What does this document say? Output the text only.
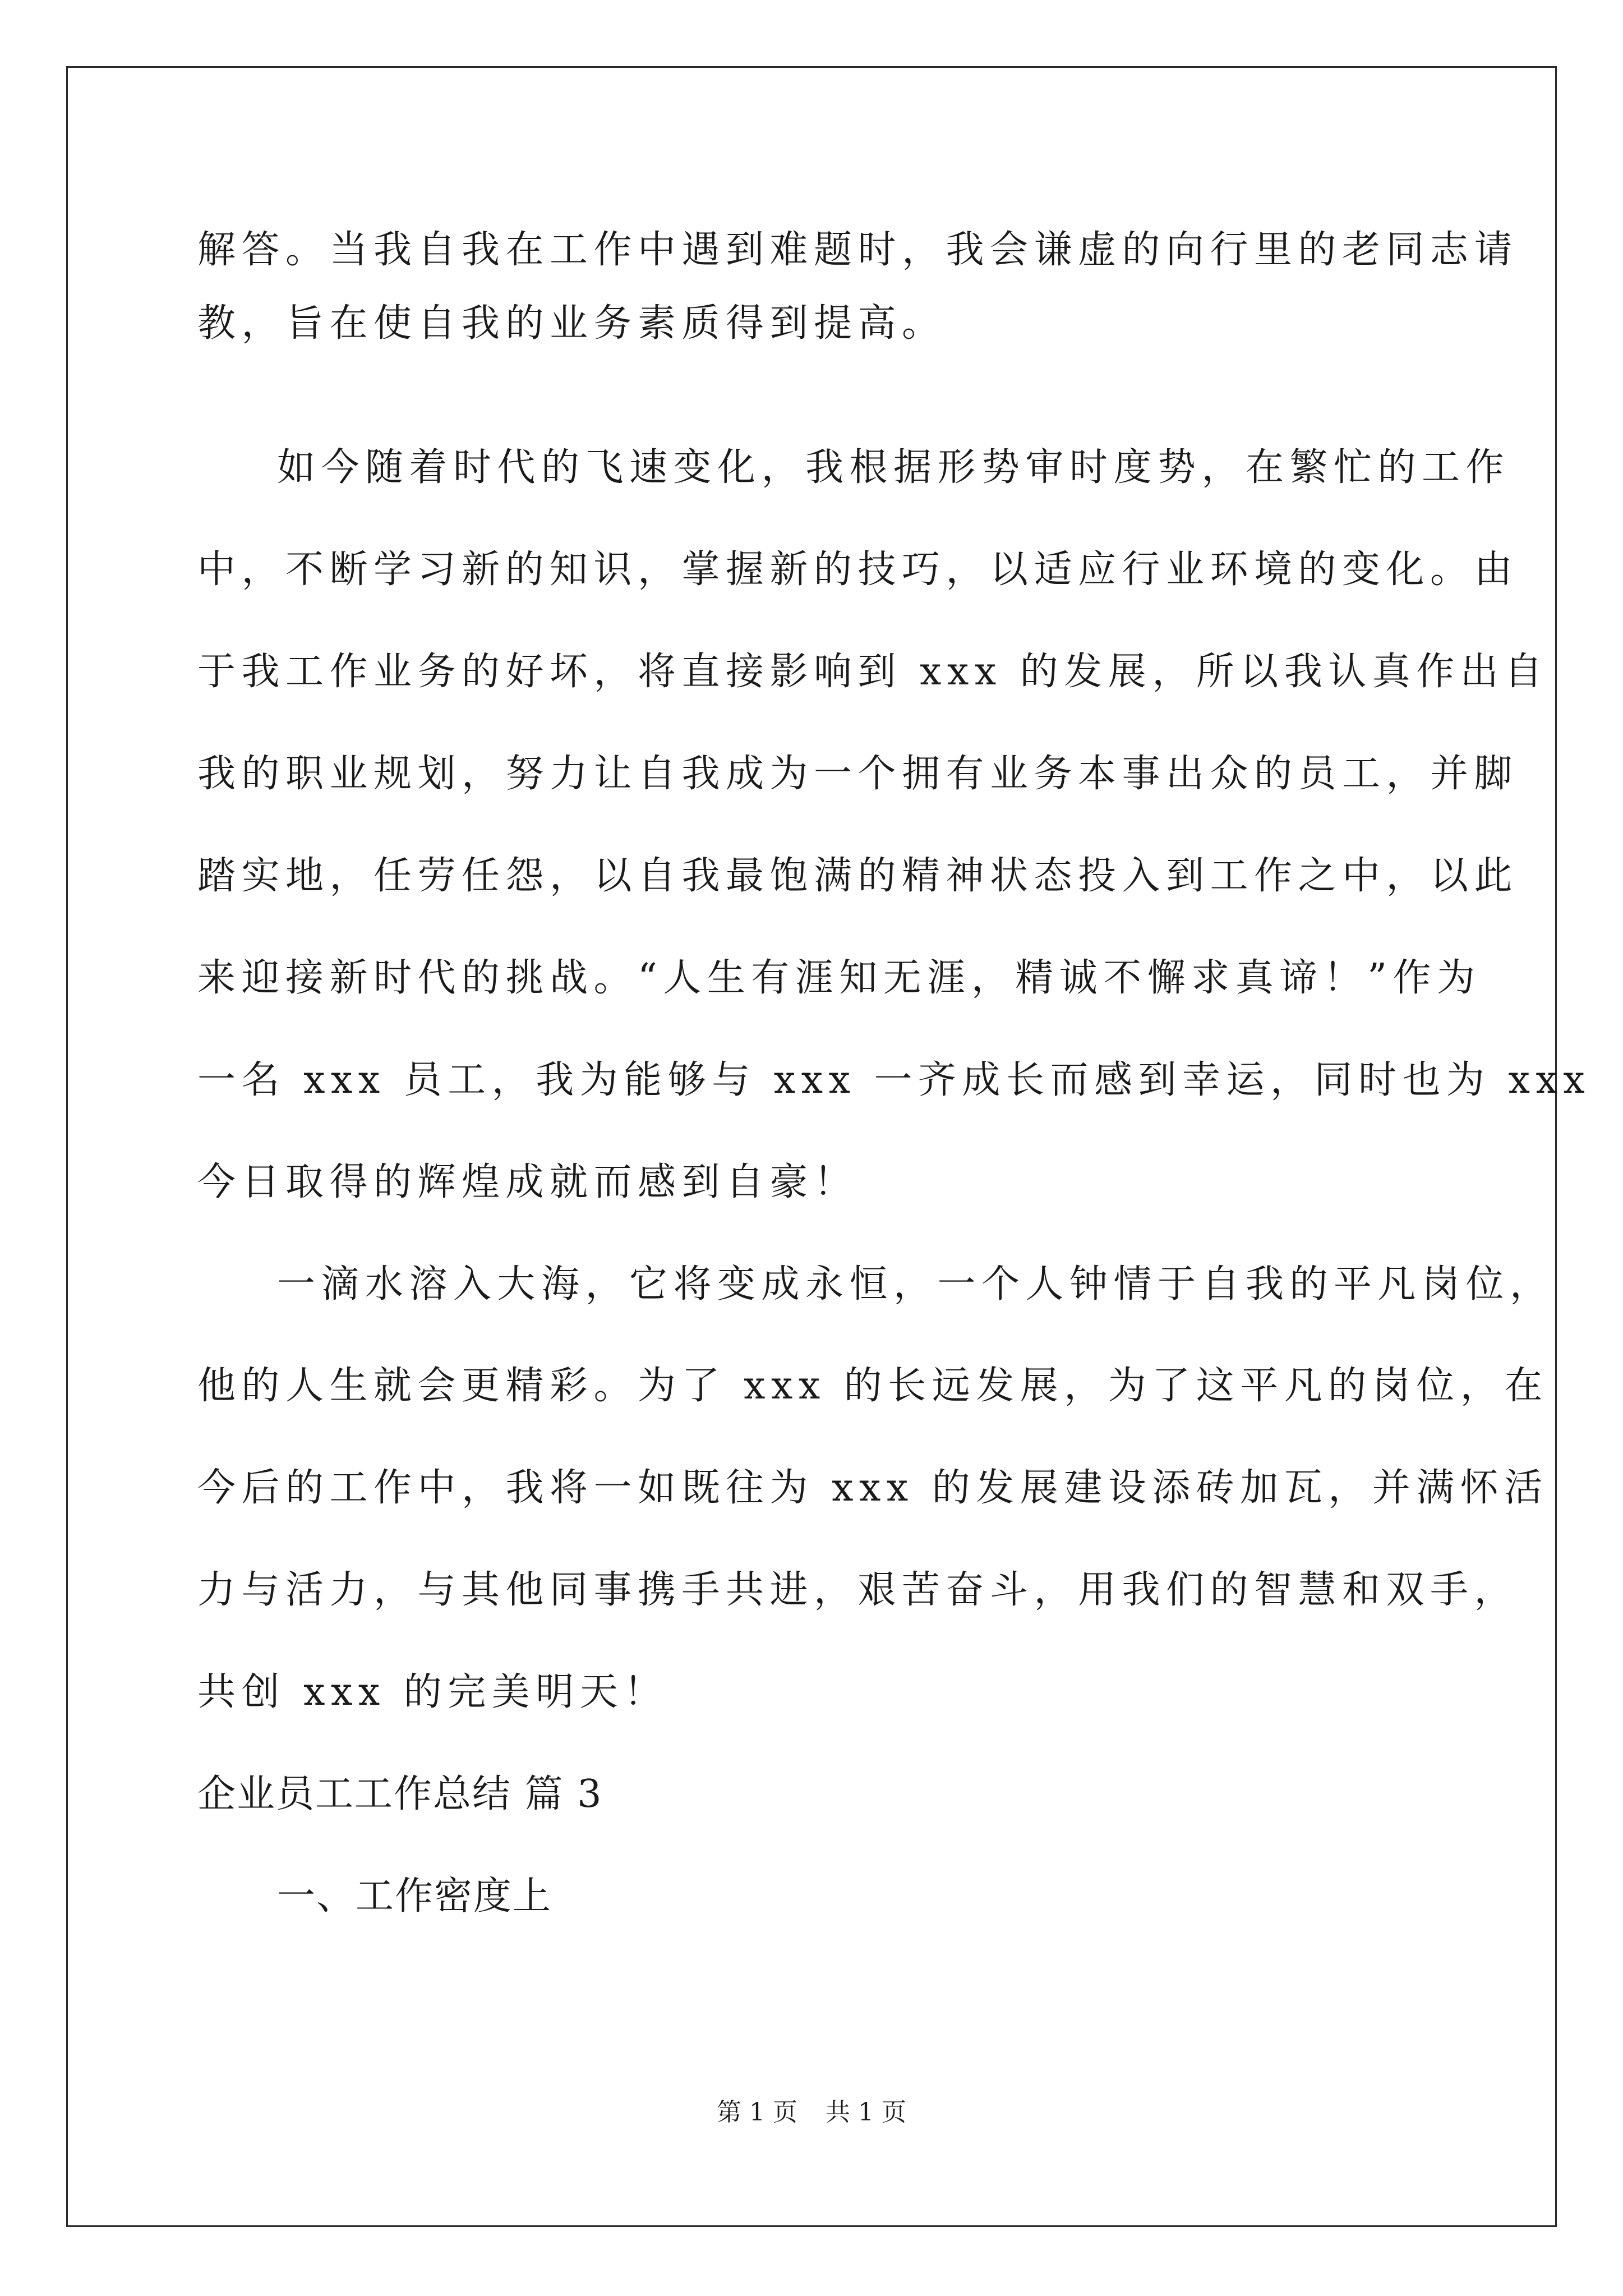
解答。当我自我在工作中遇到难题时，我会谦虚的向行里的老同志请
教，旨在使自我的业务素质得到提高。
如今随着时代的飞速变化，我根据形势审时度势，在繁忙的工作
中，不断学习新的知识，掌握新的技巧，以适应行业环境的变化。由
于我工作业务的好坏，将直接影响到 xxx 的发展，所以我认真作出自
我的职业规划，努力让自我成为一个拥有业务本事出众的员工，并脚
踏实地，任劳任怨，以自我最饱满的精神状态投入到工作之中，以此
来迎接新时代的挑战。“人生有涯知无涯，精诚不懈求真谛！”作为
一名 xxx 员工，我为能够与 xxx 一齐成长而感到幸运，同时也为 xxx
今日取得的辉煌成就而感到自豪！
一滴水溶入大海，它将变成永恒，一个人钟情于自我的平凡岗位，
他的人生就会更精彩。为了 xxx 的长远发展，为了这平凡的岗位，在
今后的工作中，我将一如既往为 xxx 的发展建设添砖加瓦，并满怀活
力与活力，与其他同事携手共进，艰苦奋斗，用我们的智慧和双手，
共创 xxx 的完美明天！
企业员工工作总结 篇 3
一、工作密度上
第 1 页 共 1 页
